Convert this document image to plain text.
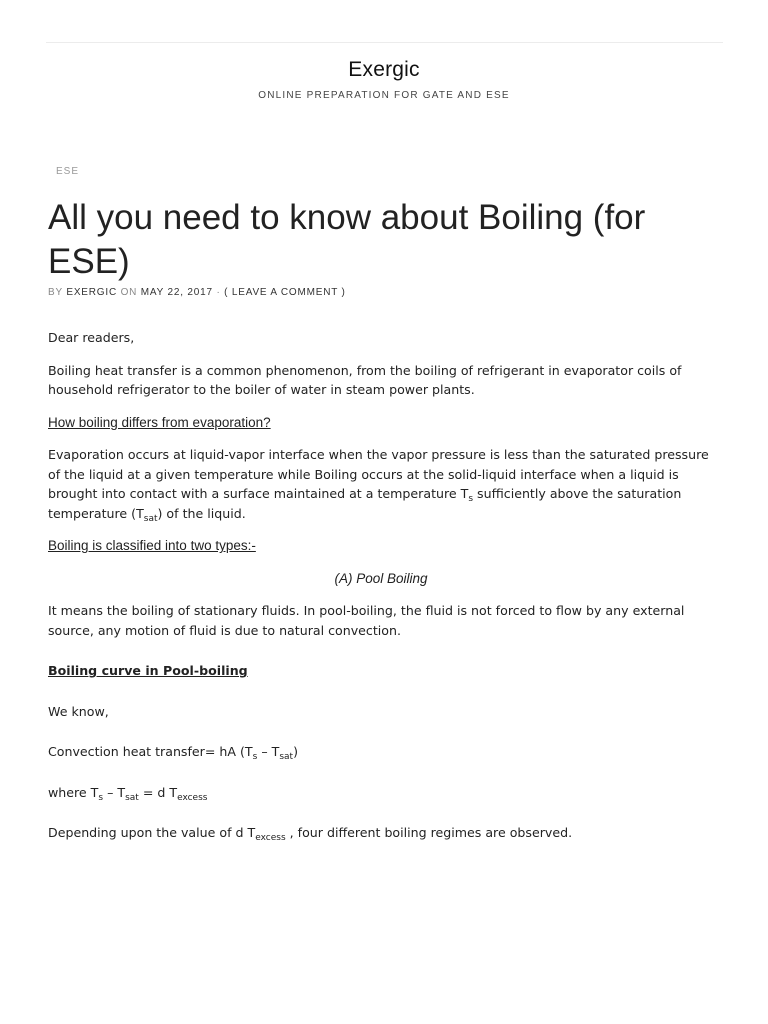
Exergic
ONLINE PREPARATION FOR GATE AND ESE
ESE
All you need to know about Boiling (for ESE)
BY EXERGIC ON MAY 22, 2017 · ( LEAVE A COMMENT )

Dear readers,

Boiling heat transfer is a common phenomenon, from the boiling of refrigerant in evaporator coils of household refrigerator to the boiler of water in steam power plants.

How boiling differs from evaporation?

Evaporation occurs at liquid-vapor interface when the vapor pressure is less than the saturated pressure of the liquid at a given temperature while Boiling occurs at the solid-liquid interface when a liquid is brought into contact with a surface maintained at a temperature $T_s$ sufficiently above the saturation temperature $(T_{sat})$ of the liquid.

Boiling is classified into two types:-

(A) Pool Boiling

It means the boiling of stationary fluids. In pool-boiling, the fluid is not forced to flow by any external source, any motion of fluid is due to natural convection.

Boiling curve in Pool-boiling

We know,

Convection heat transfer= hA $(T_s - T_{sat})$

where $T_s - T_{sat} = d$ $T_{excess}$

Depending upon the value of d $T_{excess}$ , four different boiling regimes are observed.
